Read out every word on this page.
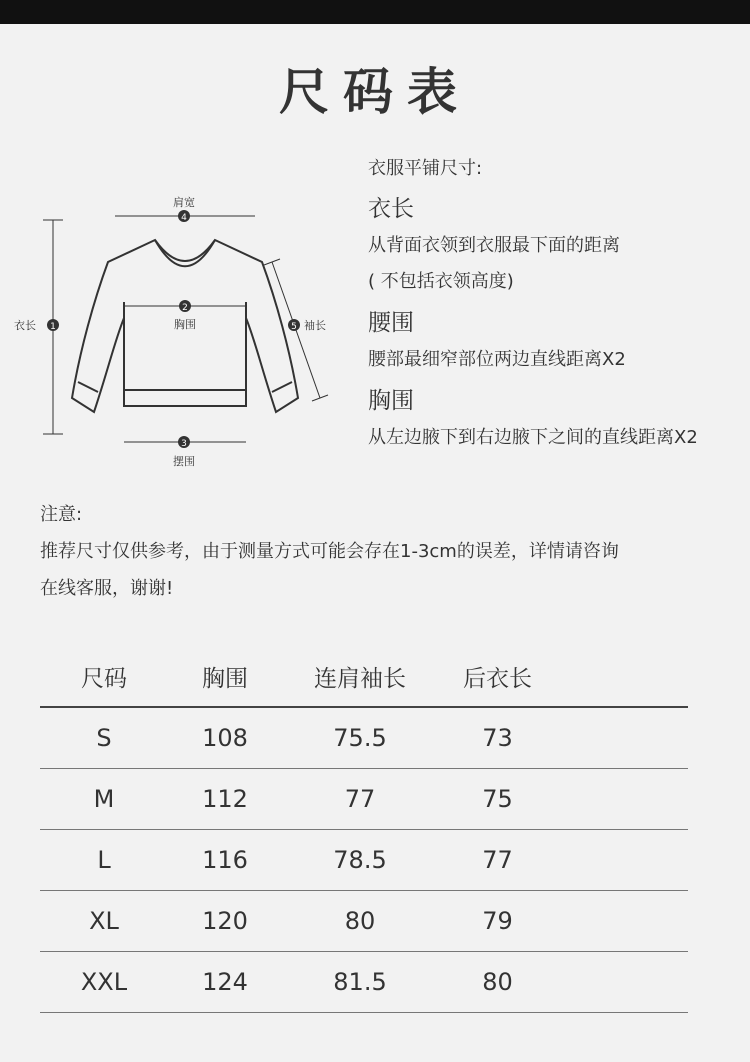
尺码表
4
肩宽
1
衣长
2
胸围	5 袖长
3
摆围

衣服平铺尺寸:

衣长

从背面衣领到衣服最下面的距离
( 不包括衣领高度)

腰围

腰部最细窄部位两边直线距离X2

胸围

从左边腋下到右边腋下之间的直线距离X2

注意:
推荐尺寸仅供参考，由于测量方式可能会存在1-3cm的误差，详情请咨询
在线客服，谢谢!
尺码	胸围	连肩袖长	后衣长
S	108	75.5	73
M	112	77	75
L	116	78.5	77
XL	120	80	79
XXL	124	81.5	80
